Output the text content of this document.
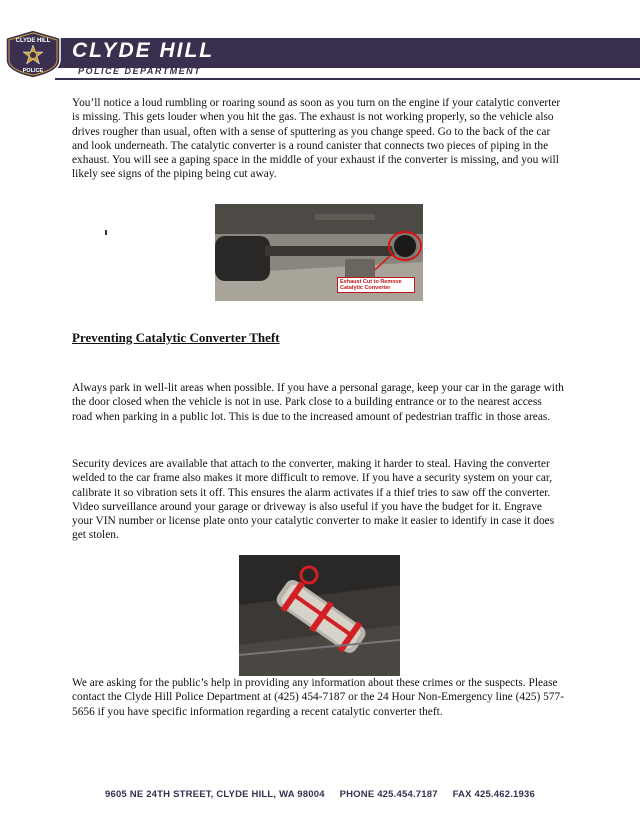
CLYDE HILL
POLICE DEPARTMENT
CLYDE HILL
POLICE
You’ll notice a loud rumbling or roaring sound as soon as you turn on the engine if your catalytic converter is missing. This gets louder when you hit the gas. The exhaust is not working properly, so the vehicle also drives rougher than usual, often with a sense of sputtering as you change speed. Go to the back of the car and look underneath. The catalytic converter is a round canister that connects two pieces of piping in the exhaust. You will see a gaping space in the middle of your exhaust if the converter is missing, and you will likely see signs of the piping being cut away.
Exhaust Cut to Remove Catalytic Converter
Preventing Catalytic Converter Theft
Always park in well-lit areas when possible. If you have a personal garage, keep your car in the garage with the door closed when the vehicle is not in use. Park close to a building entrance or to the nearest access road when parking in a public lot. This is due to the increased amount of pedestrian traffic in those areas.
Security devices are available that attach to the converter, making it harder to steal. Having the converter welded to the car frame also makes it more difficult to remove. If you have a security system on your car, calibrate it so vibration sets it off. This ensures the alarm activates if a thief tries to saw off the converter. Video surveillance around your garage or driveway is also useful if you have the budget for it. Engrave your VIN number or license plate onto your catalytic converter to make it easier to identify in case it does get stolen.
We are asking for the public’s help in providing any information about these crimes or the suspects. Please contact the Clyde Hill Police Department at (425) 454-7187 or the 24 Hour Non-Emergency line (425) 577-5656 if you have specific information regarding a recent catalytic converter theft.
9605 NE 24TH STREET, CLYDE HILL, WA 98004 PHONE 425.454.7187 FAX 425.462.1936
